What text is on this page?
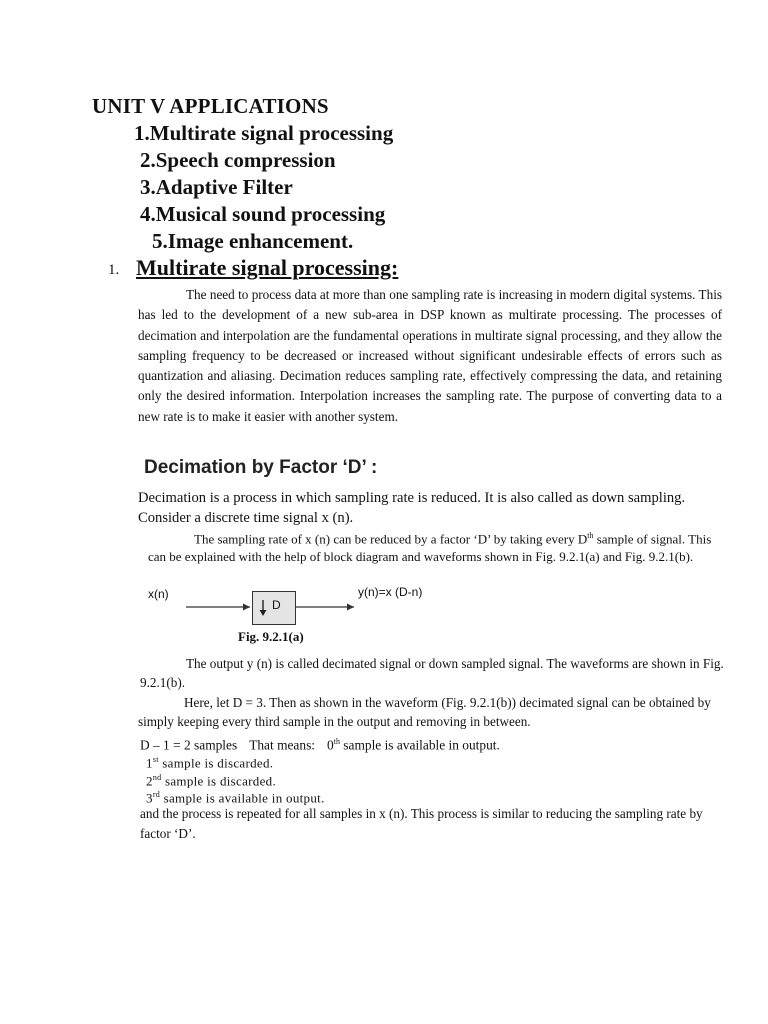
UNIT V APPLICATIONS
1.Multirate signal processing
2.Speech compression
3.Adaptive Filter
4.Musical sound processing
5.Image enhancement.
1. Multirate signal processing:

The need to process data at more than one sampling rate is increasing in modern digital systems. This has led to the development of a new sub-area in DSP known as multirate processing. The processes of decimation and interpolation are the fundamental operations in multirate signal processing, and they allow the sampling frequency to be decreased or increased without significant undesirable effects of errors such as quantization and aliasing. Decimation reduces sampling rate, effectively compressing the data, and retaining only the desired information. Interpolation increases the sampling rate. The purpose of converting data to a new rate is to make it easier with another system.

Decimation by Factor ‘D’ :

Decimation is a process in which sampling rate is reduced. It is also called as down sampling. Consider a discrete time signal x (n).

The sampling rate of x (n) can be reduced by a factor ‘D’ by taking every Dth sample of signal. This can be explained with the help of block diagram and waveforms shown in Fig. 9.2.1(a) and Fig. 9.2.1(b).

x(n)
D
y(n)=x (D-n)

Fig. 9.2.1(a)

The output y (n) is called decimated signal or down sampled signal. The waveforms are shown in Fig. 9.2.1(b).

Here, let D = 3. Then as shown in the waveform (Fig. 9.2.1(b)) decimated signal can be obtained by simply keeping every third sample in the output and removing in between.

D – 1 = 2 samples That means: 0th sample is available in output.

1st sample is discarded.

2nd sample is discarded.

3rd sample is available in output.

and the process is repeated for all samples in x (n). This process is similar to reducing the sampling rate by factor ‘D’.
